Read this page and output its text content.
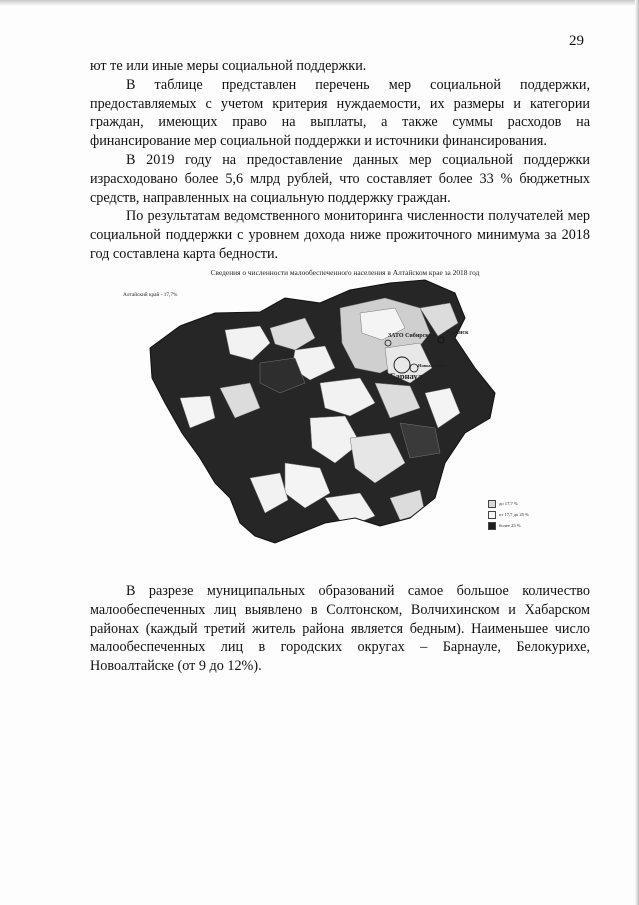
29

ют те или иные меры социальной поддержки.

В таблице представлен перечень мер социальной поддержки, предоставляемых с учетом критерия нуждаемости, их размеры и категории граждан, имеющих право на выплаты, а также суммы расходов на финансирование мер социальной поддержки и источники финансирования.

В 2019 году на предоставление данных мер социальной поддержки израсходовано более 5,6 млрд рублей, что составляет более 33 % бюджетных средств, направленных на социальную поддержку граждан.

По результатам ведомственного мониторинга численности получателей мер социальной поддержки с уровнем дохода ниже прожиточного минимума за 2018 год составлена карта бедности.

Сведения о численности малообеспеченного населения в Алтайском крае за 2018 год
Алтайский край - 17,7%
ЗАТО Сибирский
Барнаул
Новоалтайск
Заринск
до 17,7 %
от 17,7 до 25 %
более 25 %

В разрезе муниципальных образований самое большое количество малообеспеченных лиц выявлено в Солтонском, Волчихинском и Хабарском районах (каждый третий житель района является бедным). Наименьшее число малообеспеченных лиц в городских округах – Барнауле, Белокурихе, Новоалтайске (от 9 до 12%).
